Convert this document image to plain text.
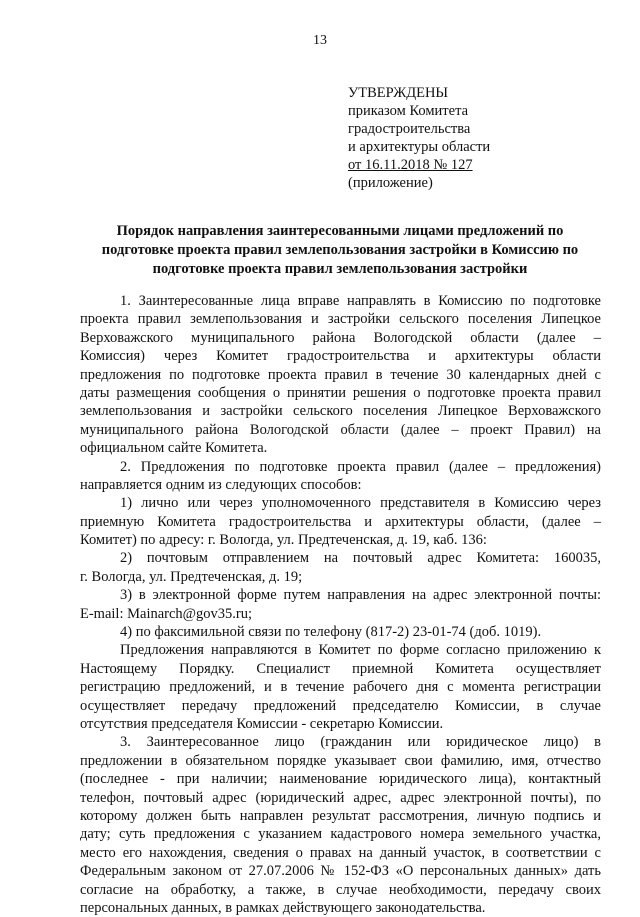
13
УТВЕРЖДЕНЫ
приказом Комитета
градостроительства
и архитектуры области
от 16.11.2018 № 127
(приложение)
Порядок направления заинтересованными лицами предложений по
подготовке проекта правил землепользования застройки в Комиссию по
подготовке проекта правил землепользования застройки
1. Заинтересованные лица вправе направлять в Комиссию по подготовке
проекта правил землепользования и застройки сельского поселения Липецкое
Верховажского муниципального района Вологодской области (далее –
Комиссия) через Комитет градостроительства и архитектуры области
предложения по подготовке проекта правил в течение 30 календарных дней с
даты размещения сообщения о принятии решения о подготовке проекта правил
землепользования и застройки сельского поселения Липецкое Верховажского
муниципального района Вологодской области (далее – проект Правил) на
официальном сайте Комитета.
2. Предложения по подготовке проекта правил (далее – предложения)
направляется одним из следующих способов:
1) лично или через уполномоченного представителя в Комиссию через
приемную Комитета градостроительства и архитектуры области, (далее –
Комитет) по адресу: г. Вологда, ул. Предтеченская, д. 19, каб. 136:
2) почтовым отправлением на почтовый адрес Комитета: 160035,
г. Вологда, ул. Предтеченская, д. 19;
3) в электронной форме путем направления на адрес электронной почты:
E-mail: Mainarch@gov35.ru;
4) по факсимильной связи по телефону (817-2) 23-01-74 (доб. 1019).
Предложения направляются в Комитет по форме согласно приложению к
Настоящему Порядку. Специалист приемной Комитета осуществляет
регистрацию предложений, и в течение рабочего дня с момента регистрации
осуществляет передачу предложений председателю Комиссии, в случае
отсутствия председателя Комиссии - секретарю Комиссии.
3. Заинтересованное лицо (гражданин или юридическое лицо) в
предложении в обязательном порядке указывает свои фамилию, имя, отчество
(последнее - при наличии; наименование юридического лица), контактный
телефон, почтовый адрес (юридический адрес, адрес электронной почты), по
которому должен быть направлен результат рассмотрения, личную подпись и
дату; суть предложения с указанием кадастрового номера земельного участка,
место его нахождения, сведения о правах на данный участок, в соответствии с
Федеральным законом от 27.07.2006 № 152-ФЗ «О персональных данных» дать
согласие на обработку, а также, в случае необходимости, передачу своих
персональных данных, в рамках действующего законодательства.
